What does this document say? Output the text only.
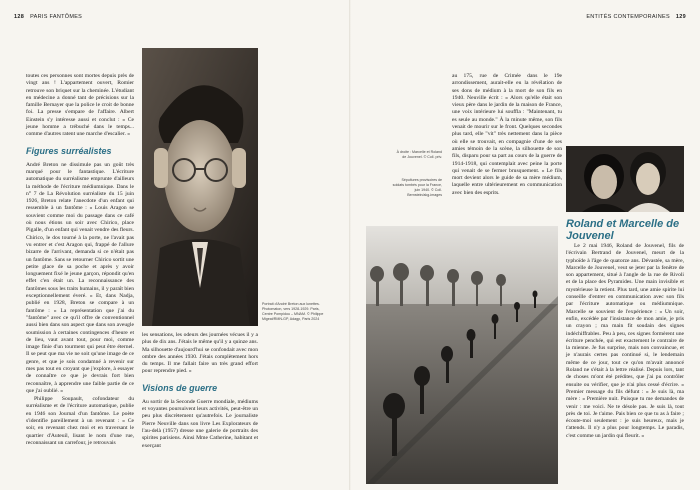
128 PARIS FANTÔMES

toutes ces personnes sont mortes depuis près de vingt ans ! L'appartement ouvert, Romier retrouve son briquet sur la cheminée. L'étudiant en médecine a donné tant de précisions sur la famille Bernayer que la police le croit de bonne foi. La presse s'empare de l'affaire. Albert Einstein s'y intéresse aussi et conclut : « Ce jeune homme a trébuché dans le temps... comme d'autres ratent une marche d'escalier. »

Figures surréalistes

André Breton ne dissimule pas un goût très marqué pour le fantastique. L'écriture automatique du surréalisme emprunte d'ailleurs la méthode de l'écriture médiumnique. Dans le n° 7 de La Révolution surréaliste du 15 juin 1926, Breton relate l'anecdote d'un enfant qui ressemble à un fantôme : « Louis Aragon se souvient comme moi du passage dans ce café où nous étions un soir avec Chirico, place Pigalle, d'un enfant qui venait vendre des fleurs. Chirico, le dos tourné à la porte, ne l'avait pas vu entrer et c'est Aragon qui, frappé de l'allure bizarre de l'arrivant, demanda si ce n'était pas un fantôme. Sans se retourner Chirico sortit une petite glace de sa poche et après y avoir longuement fixé le jeune garçon, répondit qu'en effet c'en était un. La reconnaissance des fantômes sous les traits humains, il y paraît bien exceptionnellement éveré. » Et, dans Nadja, publié en 1928, Breton se compare à un fantôme : « La représentation que j'ai du "fantôme" avec ce qu'il offre de conventionnel aussi bien dans son aspect que dans son aveugle soumission à certaines contingences d'heure et de lieu, vaut avant tout, pour moi, comme image finie d'un tourment qui peut être éternel. Il se peut que ma vie ne soit qu'une image de ce genre, et que je sois condamné à revenir sur mes pas tout en croyant que j'explore, à essayer de connaître ce que je devrais fort bien reconnaître, à apprendre une faible partie de ce que j'ai oublié. »

Philippe Soupault, cofondateur du surréalisme et de l'écriture automatique, publie en 1946 son Journal d'un fantôme. Le poète s'identifie pareillement à un revenant : « Ce soir, en revenant chez moi et en traversant le quartier d'Auteuil, lisant le nom d'une rue, reconnaissant un carrefour, je retrouvais

Portrait d'André Breton aux lunettes. Photomaton, vers 1928-1929. Paris, Centre Pompidou – MNAM. © Philippe Migeat/RMN-GP, Adagp, Paris 2024

les sensations, les odeurs des journées vécues il y a plus de dix ans. J'étais le même qu'il y a quinze ans. Ma silhouette d'aujourd'hui se confondait avec mon ombre des années 1930. J'étais complètement hors du temps. Il me fallait faire un très grand effort pour reprendre pied. »

Visions de guerre

Au sortir de la Seconde Guerre mondiale, médiums et voyantes poursuivent leurs activités, peut-être un peu plus discrètement qu'autrefois. Le journaliste Pierre Neuville dans son livre Les Explorateurs de l'au-delà (1957) dresse une galerie de portraits des spirites parisiens. Ainsi Mme Catherine, habitant et exerçant

ENTITÉS CONTEMPORAINES 129

au 175, rue de Crimée dans le 19e arrondissement, aurait-elle eu la révélation de ses dons de médium à la mort de son fils en 1940. Neuville écrit : « Alors qu'elle était son vieux père dans le jardin de la maison de France, une voix intérieure lui souffla : "Maintenant, tu es seule au monde." À la minute même, son fils venait de mourir sur le front. Quelques secondes plus tard, elle "vit" très nettement dans la pièce où elle se trouvait, en compagnie d'une de ses amies témoin de la scène, la silhouette de son fils, disparu pour sa part au cours de la guerre de 1914-1918, qui contemplait avec peine la porte qui venait de se fermer brusquement. » Le fils mort devient alors le guide de sa mère médium, laquelle entre ultérieurement en communication avec bien des esprits.

À droite : Marcelle et Roland de Jouvenel. © Coll. priv.
Sépultures provisoires de soldats tombés pour la France, juin 1940. © Coll. Bernstein/akg-images
Roland et Marcelle de Jouvenel

Le 2 mai 1946, Roland de Jouvenel, fils de l'écrivain Bertrand de Jouvenel, meurt de la typhoïde à l'âge de quatorze ans. Dévastée, sa mère, Marcelle de Jouvenel, veut se jeter par la fenêtre de son appartement, situé à l'angle de la rue de Rivoli et de la place des Pyramides. Une main invisible et mystérieuse la retient. Plus tard, une amie spirite lui conseille d'entrer en communication avec son fils par l'écriture automatique ou médiumnique. Marcelle se souvient de l'expérience : « Un soir, enfin, excédée par l'insistance de mon amie, je pris un crayon ; ma main fit soudain des signes indéchiffrables. Peu à peu, ces signes formèrent une écriture penchée, qui est exactement le contraire de la mienne. Je fus surprise, mais non convaincue, et je n'aurais certes pas continué si, le lendemain même de ce jour, tout ce qu'on m'avait annoncé Roland ne s'était à la lettre réalisé. Depuis lors, tant de choses m'ont été prédites, que j'ai pu contrôler ensuite ou vérifier, que je n'ai plus cessé d'écrire. » Premier message du fils défunt : « Je suis là, ma mère : « Première nuit. Puisque tu me demandes de venir : me voici. Ne te désole pas. Je suis là, tout près de toi. Je t'aime. Pais bien ce que tu as à faire ; écoute-moi seulement : je suis heureux, mais je t'attends. Il n'y a plus pour longtemps. Le paradis, c'est comme un jardin qui fleurit. »
